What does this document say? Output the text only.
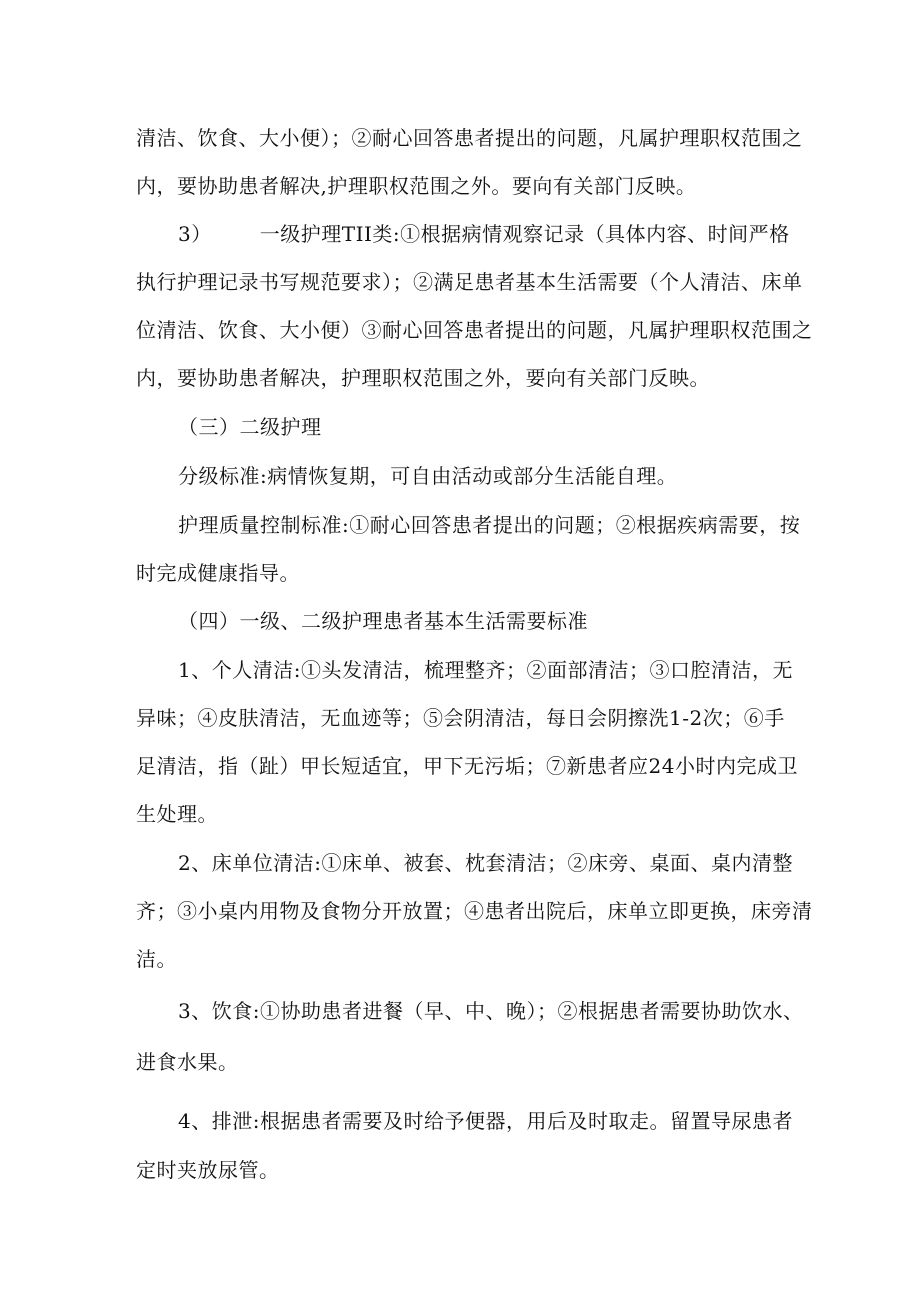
清洁、饮食、大小便）；②耐心回答患者提出的问题，凡属护理职权范围之
内，要协助患者解决,护理职权范围之外。要向有关部门反映。
3） 一级护理TII类:①根据病情观察记录（具体内容、时间严格
执行护理记录书写规范要求）；②满足患者基本生活需要（个人清洁、床单
位清洁、饮食、大小便）③耐心回答患者提出的问题，凡属护理职权范围之
内，要协助患者解决，护理职权范围之外，要向有关部门反映。
（三）二级护理
分级标准:病情恢复期，可自由活动或部分生活能自理。
护理质量控制标准:①耐心回答患者提出的问题；②根据疾病需要，按
时完成健康指导。
（四）一级、二级护理患者基本生活需要标准
1、个人清洁:①头发清洁，梳理整齐；②面部清洁；③口腔清洁，无
异味；④皮肤清洁，无血迹等；⑤会阴清洁，每日会阴擦洗1-2次；⑥手
足清洁，指（趾）甲长短适宜，甲下无污垢；⑦新患者应24小时内完成卫
生处理。
2、床单位清洁:①床单、被套、枕套清洁；②床旁、桌面、桌内清整
齐；③小桌内用物及食物分开放置；④患者出院后，床单立即更换，床旁清
洁。
3、饮食:①协助患者进餐（早、中、晚）；②根据患者需要协助饮水、
进食水果。
4、排泄:根据患者需要及时给予便器，用后及时取走。留置导尿患者
定时夹放尿管。
